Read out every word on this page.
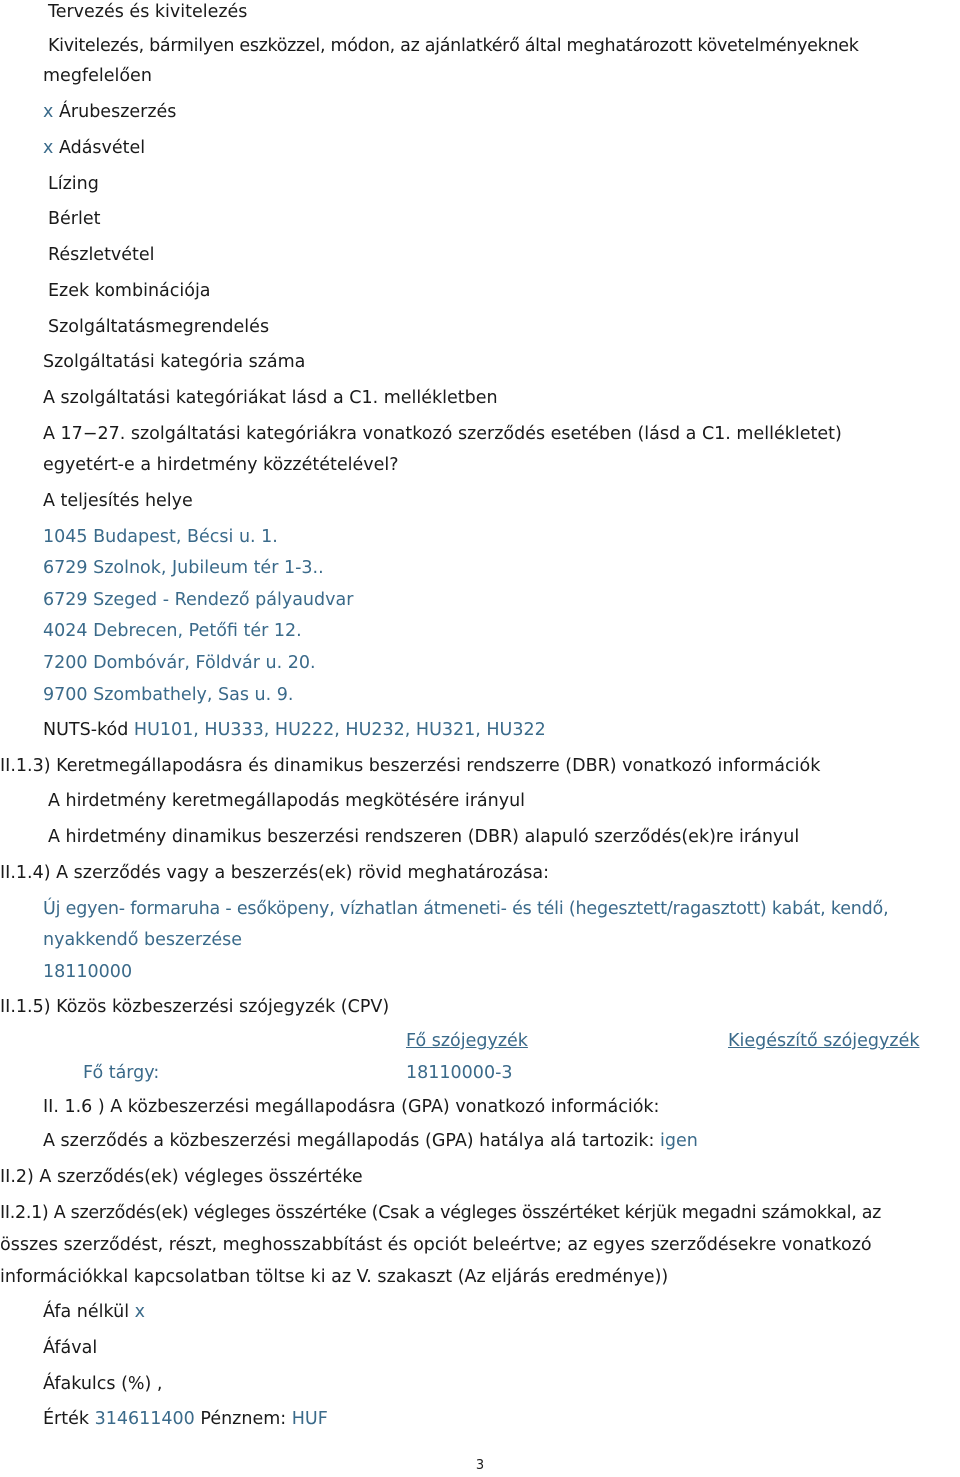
Tervezés és kivitelezés
Kivitelezés, bármilyen eszközzel, módon, az ajánlatkérő által meghatározott követelményeknek
megfelelően
x Árubeszerzés
x Adásvétel
Lízing
Bérlet
Részletvétel
Ezek kombinációja
Szolgáltatásmegrendelés
Szolgáltatási kategória száma
A szolgáltatási kategóriákat lásd a C1. mellékletben
A 17−27. szolgáltatási kategóriákra vonatkozó szerződés esetében (lásd a C1. mellékletet)
egyetért-e a hirdetmény közzétételével?
A teljesítés helye
1045 Budapest, Bécsi u. 1.
6729 Szolnok, Jubileum tér 1-3..
6729 Szeged - Rendező pályaudvar
4024 Debrecen, Petőfi tér 12.
7200 Dombóvár, Földvár u. 20.
9700 Szombathely, Sas u. 9.
NUTS-kód HU101, HU333, HU222, HU232, HU321, HU322
II.1.3) Keretmegállapodásra és dinamikus beszerzési rendszerre (DBR) vonatkozó információk
A hirdetmény keretmegállapodás megkötésére irányul
A hirdetmény dinamikus beszerzési rendszeren (DBR) alapuló szerződés(ek)re irányul
II.1.4) A szerződés vagy a beszerzés(ek) rövid meghatározása:
Új egyen- formaruha - esőköpeny, vízhatlan átmeneti- és téli (hegesztett/ragasztott) kabát, kendő,
nyakkendő beszerzése
18110000
II.1.5) Közös közbeszerzési szójegyzék (CPV)
Fő szójegyzék	Kiegészítő szójegyzék
Fő tárgy:	18110000-3
II. 1.6 ) A közbeszerzési megállapodásra (GPA) vonatkozó információk:
A szerződés a közbeszerzési megállapodás (GPA) hatálya alá tartozik: igen
II.2) A szerződés(ek) végleges összértéke
II.2.1) A szerződés(ek) végleges összértéke (Csak a végleges összértéket kérjük megadni számokkal, az
összes szerződést, részt, meghosszabbítást és opciót beleértve; az egyes szerződésekre vonatkozó
információkkal kapcsolatban töltse ki az V. szakaszt (Az eljárás eredménye))
Áfa nélkül x
Áfával
Áfakulcs (%) ,
Érték 314611400 Pénznem: HUF
3
